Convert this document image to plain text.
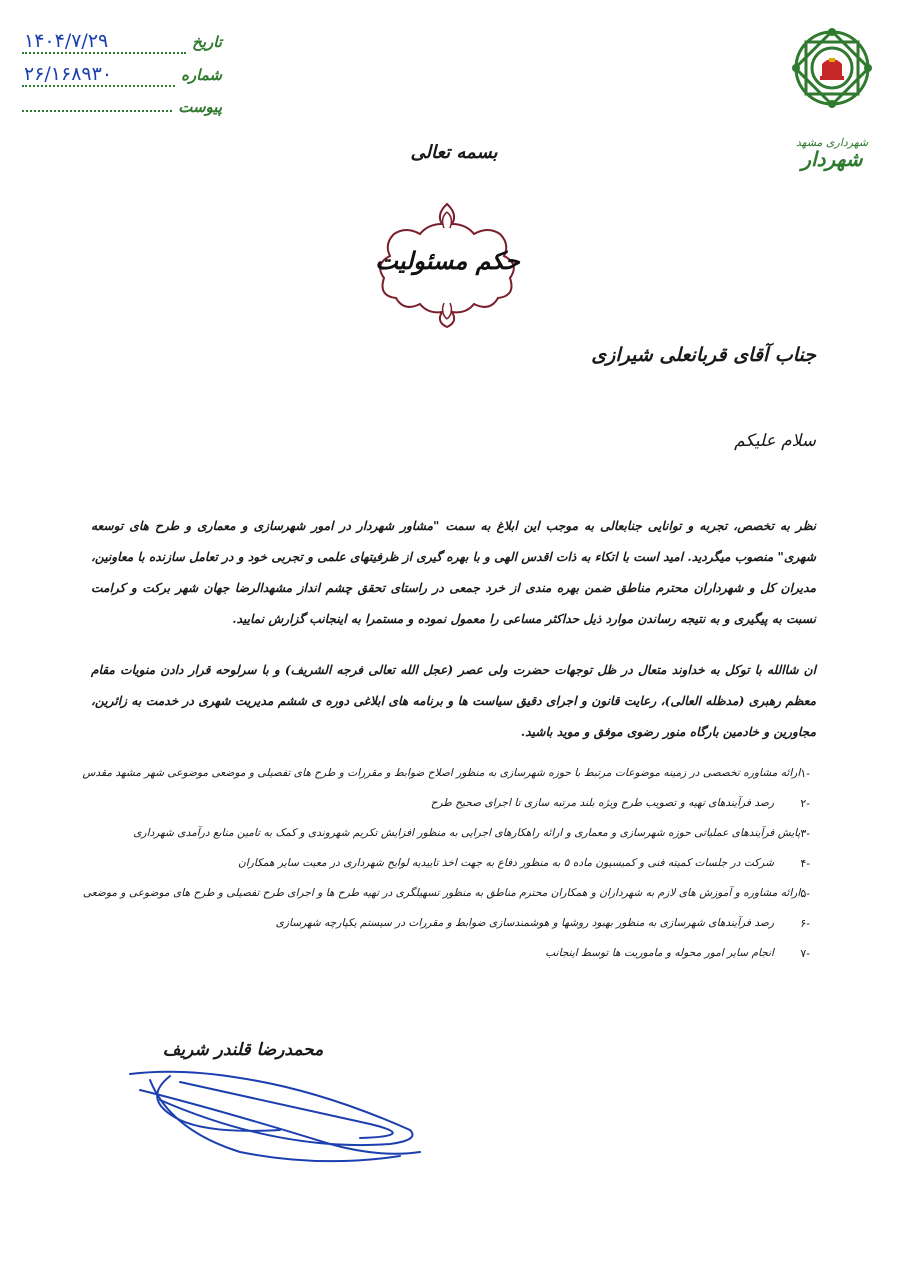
تاریخ
۱۴۰۴/۷/۲۹
شماره
۲۶/۱۶۸۹۳۰
پیوست
شهرداری مشهد
شهردار
بسمه تعالی
حکم مسئولیت
جناب آقای قربانعلی شیرازی
سلام علیکم
نظر به تخصص، تجربه و توانایی جنابعالی به موجب این ابلاغ به سمت "مشاور شهردار در امور شهرسازی و معماری و طرح های توسعه شهری" منصوب میگردید. امید است با اتکاء به ذات اقدس الهی و با بهره گیری از ظرفیتهای علمی و تجربی خود و در تعامل سازنده با معاونین، مدیران کل و شهرداران محترم مناطق ضمن بهره مندی از خرد جمعی در راستای تحقق چشم انداز مشهدالرضا جهان شهر برکت و کرامت نسبت به پیگیری و به نتیجه رساندن موارد ذیل حداکثر مساعی را معمول نموده و مستمرا به اینجانب گزارش نمایید.
ان شاالله با توکل به خداوند متعال در ظل توجهات حضرت ولی عصر (عجل الله تعالی فرجه الشریف) و با سرلوحه قرار دادن منویات مقام معظم رهبری (مدظله العالی)، رعایت قانون و اجرای دقیق سیاست ها و برنامه های ابلاغی دوره ی ششم مدیریت شهری در خدمت به زائرین، مجاورین و خادمین بارگاه منور رضوی موفق و موید باشید.
-۱
ارائه مشاوره تخصصی در زمینه موضوعات مرتبط با حوزه شهرسازی به منظور اصلاح ضوابط و مقررات و طرح های تفصیلی و موضعی موضوعی شهر مشهد مقدس
-۲
رصد فرآیندهای تهیه و تصویب طرح ویژه بلند مرتبه سازی تا اجرای صحیح طرح
-۳
پایش فرآیندهای عملیاتی حوزه شهرسازی و معماری و ارائه راهکارهای اجرایی به منظور افزایش تکریم شهروندی و کمک به تامین منابع درآمدی شهرداری
-۴
شرکت در جلسات کمیته فنی و کمیسیون ماده ۵ به منظور دفاع به جهت اخذ تاییدیه لوایح شهرداری در معیت سایر همکاران
-۵
ارائه مشاوره و آموزش های لازم به شهرداران و همکاران محترم مناطق به منظور تسهیلگری در تهیه طرح ها و اجرای طرح تفصیلی و طرح های موضوعی و موضعی
-۶
رصد فرآیندهای شهرسازی به منظور بهبود روشها و هوشمندسازی ضوابط و مقررات در سیستم یکپارچه شهرسازی
-۷
انجام سایر امور محوله و ماموریت ها توسط اینجانب
محمدرضا قلندر شریف
